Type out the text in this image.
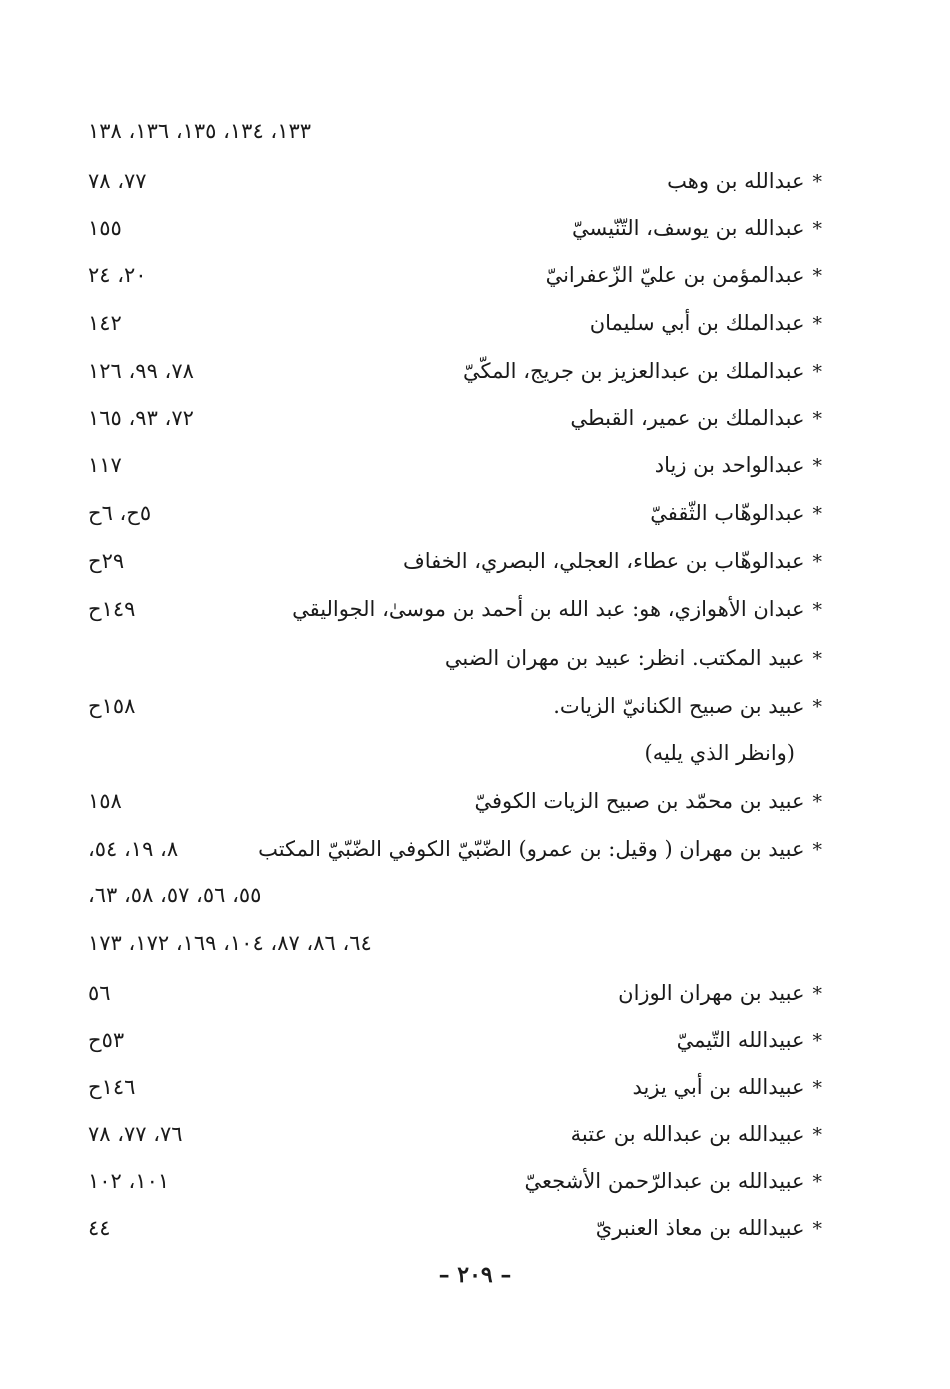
١٣٣، ١٣٤، ١٣٥، ١٣٦، ١٣٨
*عبدالله بن وهب
٧٧، ٧٨
*عبدالله بن يوسف، التّنّيسيّ
١٥٥
*عبدالمؤمن بن عليّ الزّعفرانيّ
٢٠، ٢٤
*عبدالملك بن أبي سليمان
١٤٢
*عبدالملك بن عبدالعزيز بن جريج، المكّيّ
٧٨، ٩٩، ١٢٦
*عبدالملك بن عمير، القبطي
٧٢، ٩٣، ١٦٥
*عبدالواحد بن زياد
١١٧
*عبدالوهّاب الثّقفيّ
٥ح، ٦ح
*عبدالوهّاب بن عطاء، العجلي، البصري، الخفاف
٢٩ح
*عبدان الأهوازي، هو: عبد الله بن أحمد بن موسىٰ، الجواليقي
١٤٩ح
*عبيد المكتب. انظر: عبيد بن مهران الضبي
*عبيد بن صبيح الكنانيّ الزيات.
١٥٨ح
(وانظر الذي يليه)
*عبيد بن محمّد بن صبيح الزيات الكوفيّ
١٥٨
*عبيد بن مهران ( وقيل: بن عمرو) الضّبّيّ الكوفي الضّبّيّ المكتب
٨، ١٩، ٥٤،
٥٥، ٥٦، ٥٧، ٥٨، ٦٣،
٦٤، ٨٦، ٨٧، ١٠٤، ١٦٩، ١٧٢، ١٧٣
*عبيد بن مهران الوزان
٥٦
*عبيدالله التّيميّ
٥٣ح
*عبيدالله بن أبي يزيد
١٤٦ح
*عبيدالله بن عبدالله بن عتبة
٧٦، ٧٧، ٧٨
*عبيدالله بن عبدالرّحمن الأشجعيّ
١٠١، ١٠٢
*عبيدالله بن معاذ العنبريّ
٤٤
– ٢٠٩ –
